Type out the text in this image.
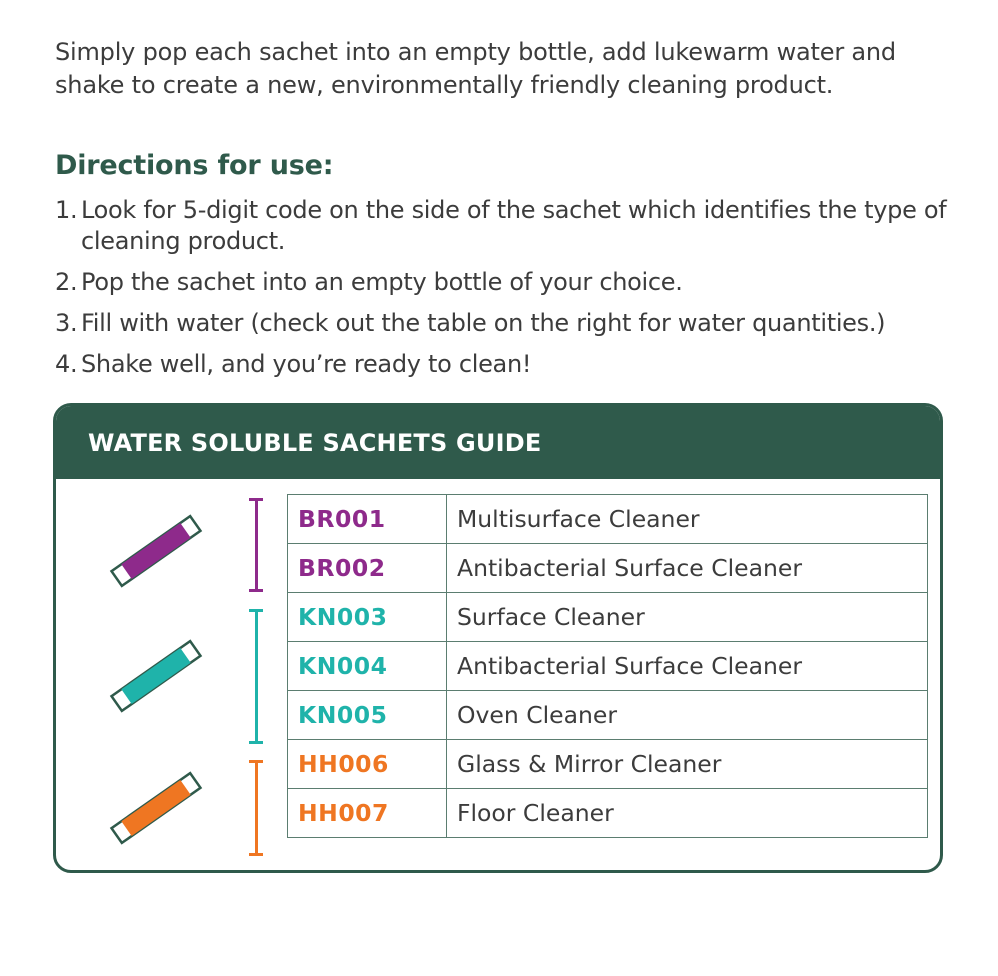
Simply pop each sachet into an empty bottle, add lukewarm water and shake to create a new, environmentally friendly cleaning product.

Directions for use:
1. Look for 5-digit code on the side of the sachet which identifies the type of cleaning product.
2. Pop the sachet into an empty bottle of your choice.
3. Fill with water (check out the table on the right for water quantities.)
4. Shake well, and you’re ready to clean!
WATER SOLUBLE SACHETS GUIDE
BR001	Multisurface Cleaner
BR002	Antibacterial Surface Cleaner
KN003	Surface Cleaner
KN004	Antibacterial Surface Cleaner
KN005	Oven Cleaner
HH006	Glass & Mirror Cleaner
HH007	Floor Cleaner
